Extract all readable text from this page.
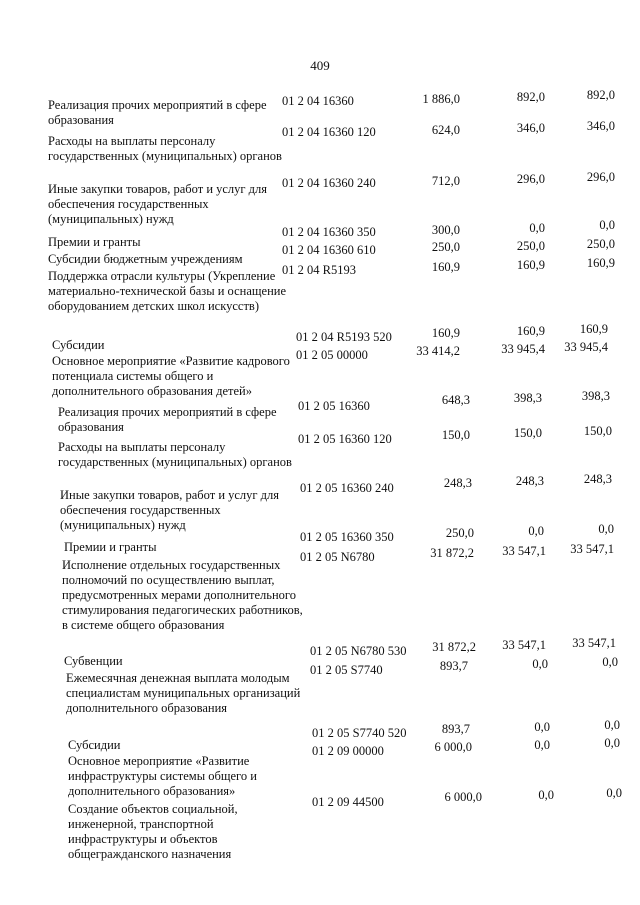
409
Реализация прочих мероприятий в сфере образования
01 2 04 16360	1 886,0	892,0	892,0
Расходы на выплаты персоналу государственных (муниципальных) органов
01 2 04 16360 120	624,0	346,0	346,0
Иные закупки товаров, работ и услуг для обеспечения государственных (муниципальных) нужд
01 2 04 16360 240	712,0	296,0	296,0
Премии и гранты
01 2 04 16360 350	300,0	0,0	0,0
Субсидии бюджетным учреждениям
01 2 04 16360 610	250,0	250,0	250,0
Поддержка отрасли культуры (Укрепление материально-технической базы и оснащение оборудованием детских школ искусств)
01 2 04 R5193	160,9	160,9	160,9
Субсидии
01 2 04 R5193 520	160,9	160,9	160,9
Основное мероприятие «Развитие кадрового потенциала системы общего и дополнительного образования детей»
01 2 05 00000	33 414,2	33 945,4	33 945,4
Реализация прочих мероприятий в сфере образования
01 2 05 16360	648,3	398,3	398,3
Расходы на выплаты персоналу государственных (муниципальных) органов
01 2 05 16360 120	150,0	150,0	150,0
Иные закупки товаров, работ и услуг для обеспечения государственных (муниципальных) нужд
01 2 05 16360 240	248,3	248,3	248,3
Премии и гранты
01 2 05 16360 350	250,0	0,0	0,0
Исполнение отдельных государственных полномочий по осуществлению выплат, предусмотренных мерами дополнительного стимулирования педагогических работников, в системе общего образования
01 2 05 N6780	31 872,2	33 547,1	33 547,1
Субвенции
01 2 05 N6780 530	31 872,2	33 547,1	33 547,1
Ежемесячная денежная выплата молодым специалистам муниципальных организаций дополнительного образования
01 2 05 S7740	893,7	0,0	0,0
Субсидии
01 2 05 S7740 520	893,7	0,0	0,0
Основное мероприятие «Развитие инфраструктуры системы общего и дополнительного образования»
01 2 09 00000	6 000,0	0,0	0,0
Создание объектов социальной, инженерной, транспортной инфраструктуры и объектов общегражданского назначения
01 2 09 44500	6 000,0	0,0	0,0
